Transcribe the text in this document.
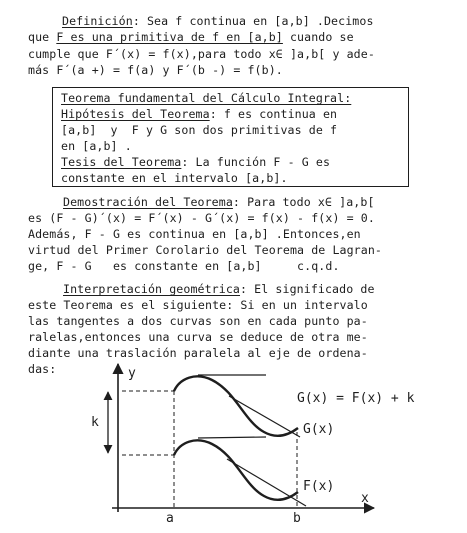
Definición: Sea f continua en [a,b] .Decimos
que F es una primitiva de f en [a,b] cuando se
cumple que F´(x) = f(x),para todo x∈ ]a,b[ y ade-
más F´(a +) = f(a) y F´(b -) = f(b).
Teorema fundamental del Cálculo Integral:
Hipótesis del Teorema: f es continua en
[a,b]  y  F y G son dos primitivas de f
en [a,b] .
Tesis del Teorema: La función F - G es
constante en el intervalo [a,b].
Demostración del Teorema: Para todo x∈ ]a,b[
es (F - G)´(x) = F´(x) - G´(x) = f(x) - f(x) = 0.
Además, F - G es continua en [a,b] .Entonces,en
virtud del Primer Corolario del Teorema de Lagran-
ge, F - G   es constante en [a,b]     c.q.d.
Interpretación geométrica: El significado de
este Teorema es el siguiente: Si en un intervalo
las tangentes a dos curvas son en cada punto pa-
ralelas,entonces una curva se deduce de otra me-
diante una traslación paralela al eje de ordena-
das:	y
x
k
G(x) = F(x) + k
G(x)
F(x)
a	b
